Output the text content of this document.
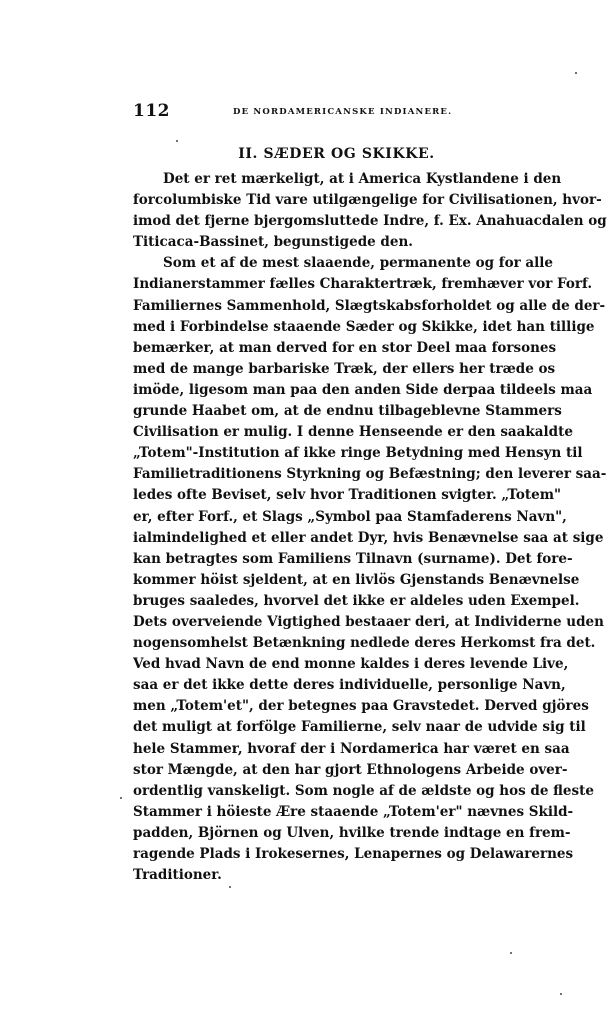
112	DE NORDAMERICANSKE INDIANERE.
II. SÆDER OG SKIKKE.
Det er ret mærkeligt, at i America Kystlandene i den
forcolumbiske Tid vare utilgængelige for Civilisationen, hvor-
imod det fjerne bjergomsluttede Indre, f. Ex. Anahuacdalen og
Titicaca-Bassinet, begunstigede den.
Som et af de mest slaaende, permanente og for alle
Indianerstammer fælles Charaktertræk, fremhæver vor Forf.
Familiernes Sammenhold, Slægtskabsforholdet og alle de der-
med i Forbindelse staaende Sæder og Skikke, idet han tillige
bemærker, at man derved for en stor Deel maa forsones
med de mange barbariske Træk, der ellers her træde os
imöde, ligesom man paa den anden Side derpaa tildeels maa
grunde Haabet om, at de endnu tilbageblevne Stammers
Civilisation er mulig. I denne Henseende er den saakaldte
„Totem"-Institution af ikke ringe Betydning med Hensyn til
Familietraditionens Styrkning og Befæstning; den leverer saa-
ledes ofte Beviset, selv hvor Traditionen svigter. „Totem"
er, efter Forf., et Slags „Symbol paa Stamfaderens Navn",
ialmindelighed et eller andet Dyr, hvis Benævnelse saa at sige
kan betragtes som Familiens Tilnavn (surname). Det fore-
kommer höist sjeldent, at en livlös Gjenstands Benævnelse
bruges saaledes, hvorvel det ikke er aldeles uden Exempel.
Dets overveiende Vigtighed bestaaer deri, at Individerne uden
nogensomhelst Betænkning nedlede deres Herkomst fra det.
Ved hvad Navn de end monne kaldes i deres levende Live,
saa er det ikke dette deres individuelle, personlige Navn,
men „Totem'et", der betegnes paa Gravstedet. Derved gjöres
det muligt at forfölge Familierne, selv naar de udvide sig til
hele Stammer, hvoraf der i Nordamerica har været en saa
stor Mængde, at den har gjort Ethnologens Arbeide over-
ordentlig vanskeligt. Som nogle af de ældste og hos de fleste
Stammer i höieste Ære staaende „Totem'er" nævnes Skild-
padden, Björnen og Ulven, hvilke trende indtage en frem-
ragende Plads i Irokesernes, Lenapernes og Delawarernes
Traditioner.
